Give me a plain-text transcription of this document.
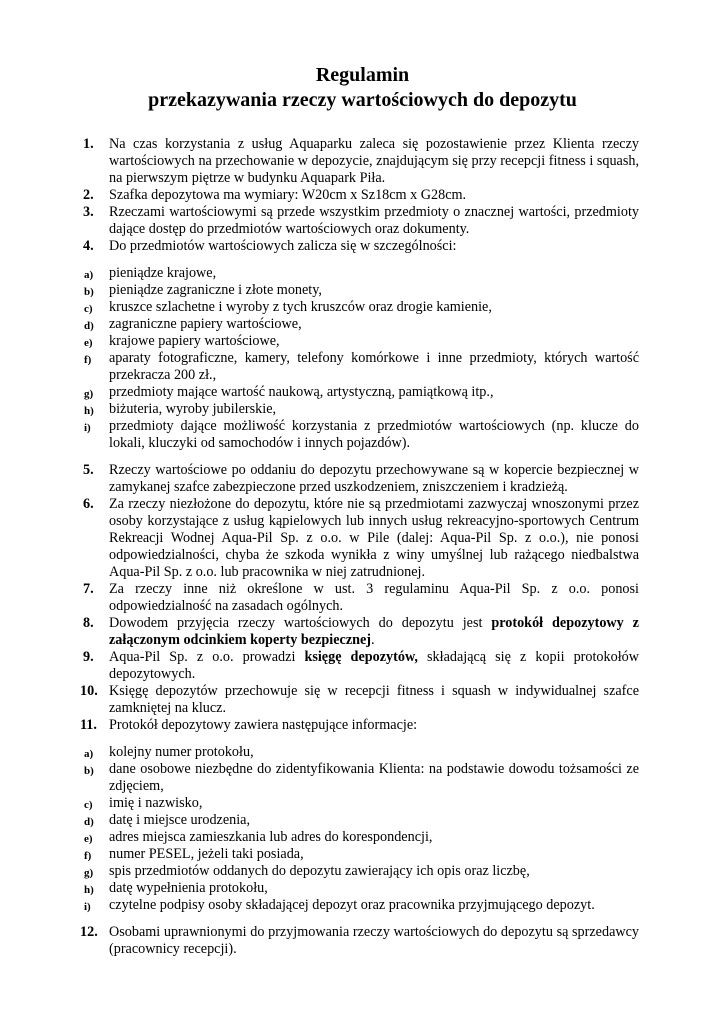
Regulamin
przekazywania rzeczy wartościowych do depozytu
1. Na czas korzystania z usług Aquaparku zaleca się pozostawienie przez Klienta rzeczy wartościowych na przechowanie w depozycie, znajdującym się przy recepcji fitness i squash, na pierwszym piętrze w budynku Aquapark Piła.
2. Szafka depozytowa ma wymiary: W20cm x Sz18cm x G28cm.
3. Rzeczami wartościowymi są przede wszystkim przedmioty o znacznej wartości, przedmioty dające dostęp do przedmiotów wartościowych oraz dokumenty.
4. Do przedmiotów wartościowych zalicza się w szczególności:
a) pieniądze krajowe,
b) pieniądze zagraniczne i złote monety,
c) kruszce szlachetne i wyroby z tych kruszców oraz drogie kamienie,
d) zagraniczne papiery wartościowe,
e) krajowe papiery wartościowe,
f) aparaty fotograficzne, kamery, telefony komórkowe i inne przedmioty, których wartość przekracza 200 zł.,
g) przedmioty mające wartość naukową, artystyczną, pamiątkową itp.,
h) biżuteria, wyroby jubilerskie,
i) przedmioty dające możliwość korzystania z przedmiotów wartościowych (np. klucze do lokali, kluczyki od samochodów i innych pojazdów).
5. Rzeczy wartościowe po oddaniu do depozytu przechowywane są w kopercie bezpiecznej w zamykanej szafce zabezpieczone przed uszkodzeniem, zniszczeniem i kradzieżą.
6. Za rzeczy niezłożone do depozytu, które nie są przedmiotami zazwyczaj wnoszonymi przez osoby korzystające z usług kąpielowych lub innych usług rekreacyjno-sportowych Centrum Rekreacji Wodnej Aqua-Pil Sp. z o.o. w Pile (dalej: Aqua-Pil Sp. z o.o.), nie ponosi odpowiedzialności, chyba że szkoda wynikła z winy umyślnej lub rażącego niedbalstwa Aqua-Pil Sp. z o.o. lub pracownika w niej zatrudnionej.
7. Za rzeczy inne niż określone w ust. 3 regulaminu Aqua-Pil Sp. z o.o. ponosi odpowiedzialność na zasadach ogólnych.
8. Dowodem przyjęcia rzeczy wartościowych do depozytu jest protokół depozytowy z załączonym odcinkiem koperty bezpiecznej.
9. Aqua-Pil Sp. z o.o. prowadzi księgę depozytów, składającą się z kopii protokołów depozytowych.
10. Księgę depozytów przechowuje się w recepcji fitness i squash w indywidualnej szafce zamkniętej na klucz.
11. Protokół depozytowy zawiera następujące informacje:
a) kolejny numer protokołu,
b) dane osobowe niezbędne do zidentyfikowania Klienta: na podstawie dowodu tożsamości ze zdjęciem,
c) imię i nazwisko,
d) datę i miejsce urodzenia,
e) adres miejsca zamieszkania lub adres do korespondencji,
f) numer PESEL, jeżeli taki posiada,
g) spis przedmiotów oddanych do depozytu zawierający ich opis oraz liczbę,
h) datę wypełnienia protokołu,
i) czytelne podpisy osoby składającej depozyt oraz pracownika przyjmującego depozyt.
12. Osobami uprawnionymi do przyjmowania rzeczy wartościowych do depozytu są sprzedawcy (pracownicy recepcji).
